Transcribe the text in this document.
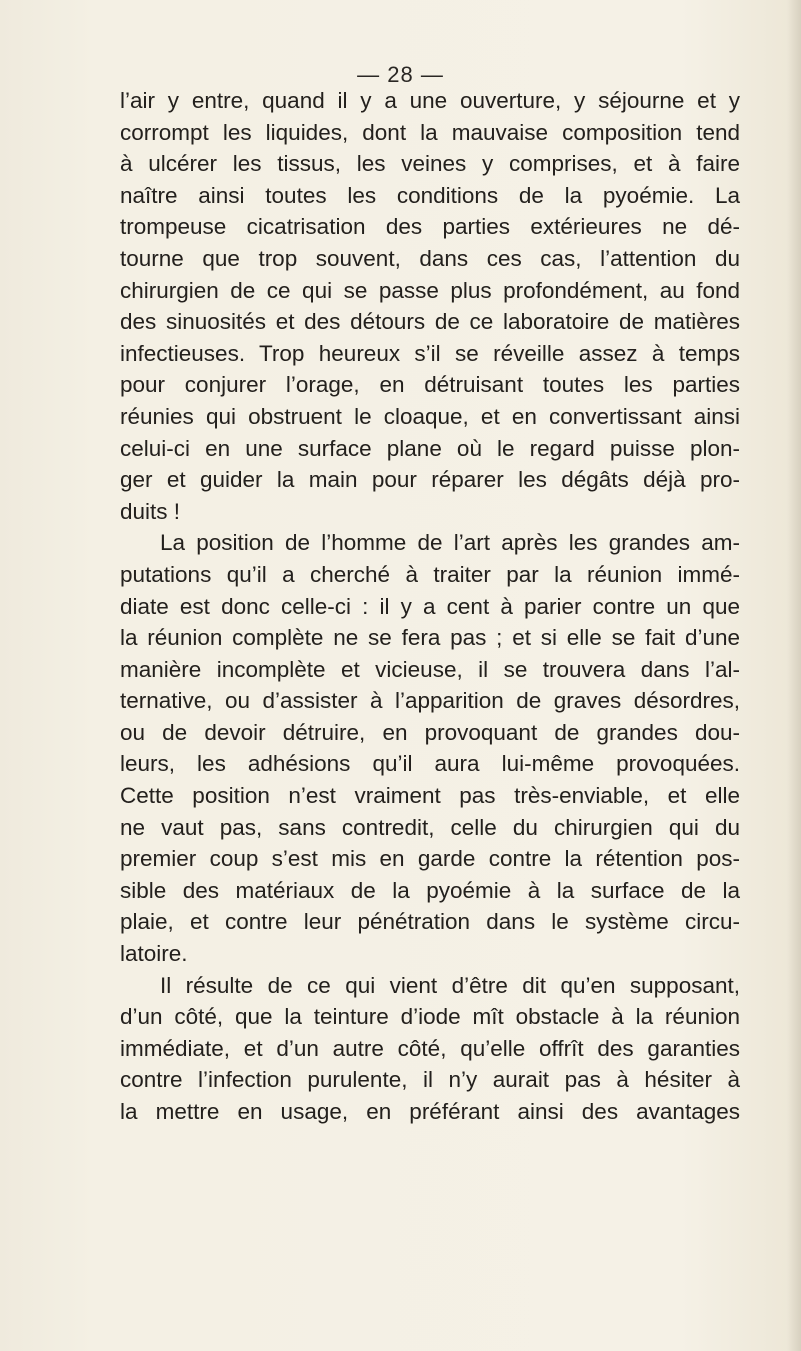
— 28 —
l’air y entre, quand il y a une ouverture, y séjourne et y
corrompt les liquides, dont la mauvaise composition tend
à ulcérer les tissus, les veines y comprises, et à faire
naître ainsi toutes les conditions de la pyoémie. La
trompeuse cicatrisation des parties extérieures ne dé-
tourne que trop souvent, dans ces cas, l’attention du
chirurgien de ce qui se passe plus profondément, au fond
des sinuosités et des détours de ce laboratoire de matières
infectieuses. Trop heureux s’il se réveille assez à temps
pour conjurer l’orage, en détruisant toutes les parties
réunies qui obstruent le cloaque, et en convertissant ainsi
celui-ci en une surface plane où le regard puisse plon-
ger et guider la main pour réparer les dégâts déjà pro-
duits !
La position de l’homme de l’art après les grandes am-
putations qu’il a cherché à traiter par la réunion immé-
diate est donc celle-ci : il y a cent à parier contre un que
la réunion complète ne se fera pas ; et si elle se fait d’une
manière incomplète et vicieuse, il se trouvera dans l’al-
ternative, ou d’assister à l’apparition de graves désordres,
ou de devoir détruire, en provoquant de grandes dou-
leurs, les adhésions qu’il aura lui-même provoquées.
Cette position n’est vraiment pas très-enviable, et elle
ne vaut pas, sans contredit, celle du chirurgien qui du
premier coup s’est mis en garde contre la rétention pos-
sible des matériaux de la pyoémie à la surface de la
plaie, et contre leur pénétration dans le système circu-
latoire.
Il résulte de ce qui vient d’être dit qu’en supposant,
d’un côté, que la teinture d’iode mît obstacle à la réunion
immédiate, et d’un autre côté, qu’elle offrît des garanties
contre l’infection purulente, il n’y aurait pas à hésiter à
la mettre en usage, en préférant ainsi des avantages
